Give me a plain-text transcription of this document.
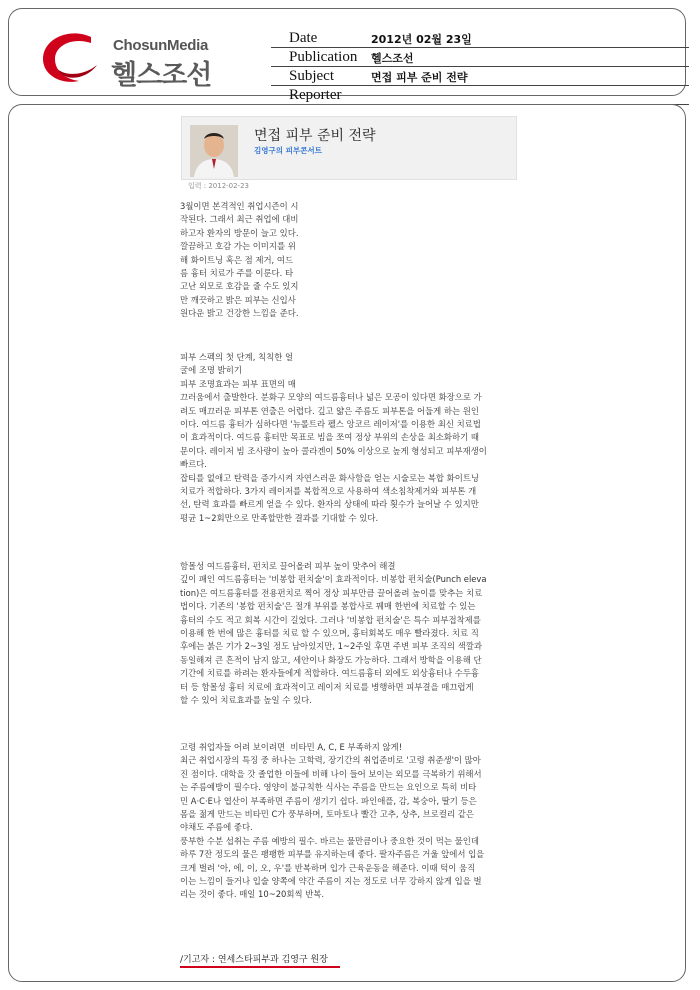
ChosunMedia
헬스조선
Date	2012년 02월 23일
Publication 헬스조선
Subject	면접 피부 준비 전략
Reporter
면접 피부 준비 전략
김영구의 피부콘서트
입력 : 2012-02-23
3월이면 본격적인 취업시즌이 시
작된다. 그래서 최근 취업에 대비
하고자 환자의 방문이 늘고 있다.
깔끔하고 호감 가는 이미지를 위
해 화이트닝 혹은 점 제거, 여드
름 흉터 치료가 주를 이룬다. 타
고난 외모로 호감을 줄 수도 있지
만 깨끗하고 밝은 피부는 신입사
원다운 밝고 건강한 느낌을 준다.
피부 스펙의 첫 단계, 칙칙한 얼
굴에 조명 밝히기
피부 조명효과는 피부 표면의 매
끄러움에서 출발한다. 분화구 모양의 여드름흉터나 넓은 모공이 있다면 화장으로 가
려도 매끄러운 피부톤 연출은 어렵다. 깊고 얇은 주름도 피부톤을 어둡게 하는 원인
이다. 여드름 흉터가 심하다면 '뉴롤트라 펠스 앙코르 레이저'를 이용한 최신 치료법
이 효과적이다. 여드름 흉터만 목표로 빔을 쪼여 정상 부위의 손상을 최소화하기 때
문이다. 레이저 빔 조사량이 높아 콜라겐이 50% 이상으로 높게 형성되고 피부재생이
빠르다.
잡티를 없애고 탄력을 증가시켜 자연스러운 화사함을 얻는 시술로는 복합 화이트닝
치료가 적합하다. 3가지 레이저를 복합적으로 사용하여 색소침착제거와 피부톤 개
선, 탄력 효과를 빠르게 얻을 수 있다. 환자의 상태에 따라 횟수가 늘어날 수 있지만
평균 1~2회만으로 만족할만한 결과를 기대할 수 있다.
함몰성 여드름흉터, 펀치로 끌어올려 피부 높이 맞추어 해결
깊이 패인 여드름흉터는 '비봉합 펀치술'이 효과적이다. 비봉합 펀치술(Punch eleva
tion)은 여드름흉터를 전용펀치로 찍어 정상 피부만큼 끌어올려 높이를 맞추는 치료
법이다. 기존의 '봉합 펀치술'은 절개 부위를 봉합사로 꿰매 한번에 치료할 수 있는
흉터의 수도 적고 회복 시간이 길었다. 그러나 '비봉합 펀치술'은 특수 피부접착제를
이용해 한 번에 많은 흉터를 치료 할 수 있으며, 흉터회복도 매우 빨라졌다. 치료 직
후에는 붉은 기가 2~3일 정도 남아있지만, 1~2주일 후면 주변 피부 조직의 색깔과
동일해져 큰 흔적이 남지 않고, 세안이나 화장도 가능하다. 그래서 방학을 이용해 단
기간에 치료를 하려는 환자들에게 적합하다. 여드름흉터 외에도 외상흉터나 수두흉
터 등 함몰성 흉터 치료에 효과적이고 레이저 치료를 병행하면 피부결을 매끄럽게
할 수 있어 치료효과를 높일 수 있다.
고령 취업자들 어려 보이려면  비타민 A, C, E 부족하지 않게!
최근 취업시장의 특징 중 하나는 고학력, 장기간의 취업준비로 '고령 취준생'이 많아
진 점이다. 대학을 갓 졸업한 이들에 비해 나이 들어 보이는 외모를 극복하기 위해서
는 주름예방이 필수다. 영양이 불규칙한 식사는 주름을 만드는 요인으로 특히 비타
민 A·C·E나 엽산이 부족하면 주름이 생기기 쉽다. 파인애플, 감, 복숭아, 딸기 등은
몸을 젊게 만드는 비타민 C가 풍부하며, 토마토나 빨간 고추, 상추, 브로컬리 같은
야채도 주름에 좋다.
풍부한 수분 섭취는 주름 예방의 필수. 바르는 물만큼이나 중요한 것이 먹는 물인데
하루 7잔 정도의 물은 팽팽한 피부를 유지하는데 좋다. 팔자주름은 거울 앞에서 입을
크게 벌려 '아, 에, 이, 오, 우'를 반복하며 입가 근육운동을 해준다. 이때 턱이 움직
이는 느낌이 들거나 입술 양쪽에 약간 주름이 지는 정도로 너무 강하지 않게 입을 벌
리는 것이 좋다. 매일 10~20회씩 반복.
/기고자 : 연세스타피부과 김영구 원장
